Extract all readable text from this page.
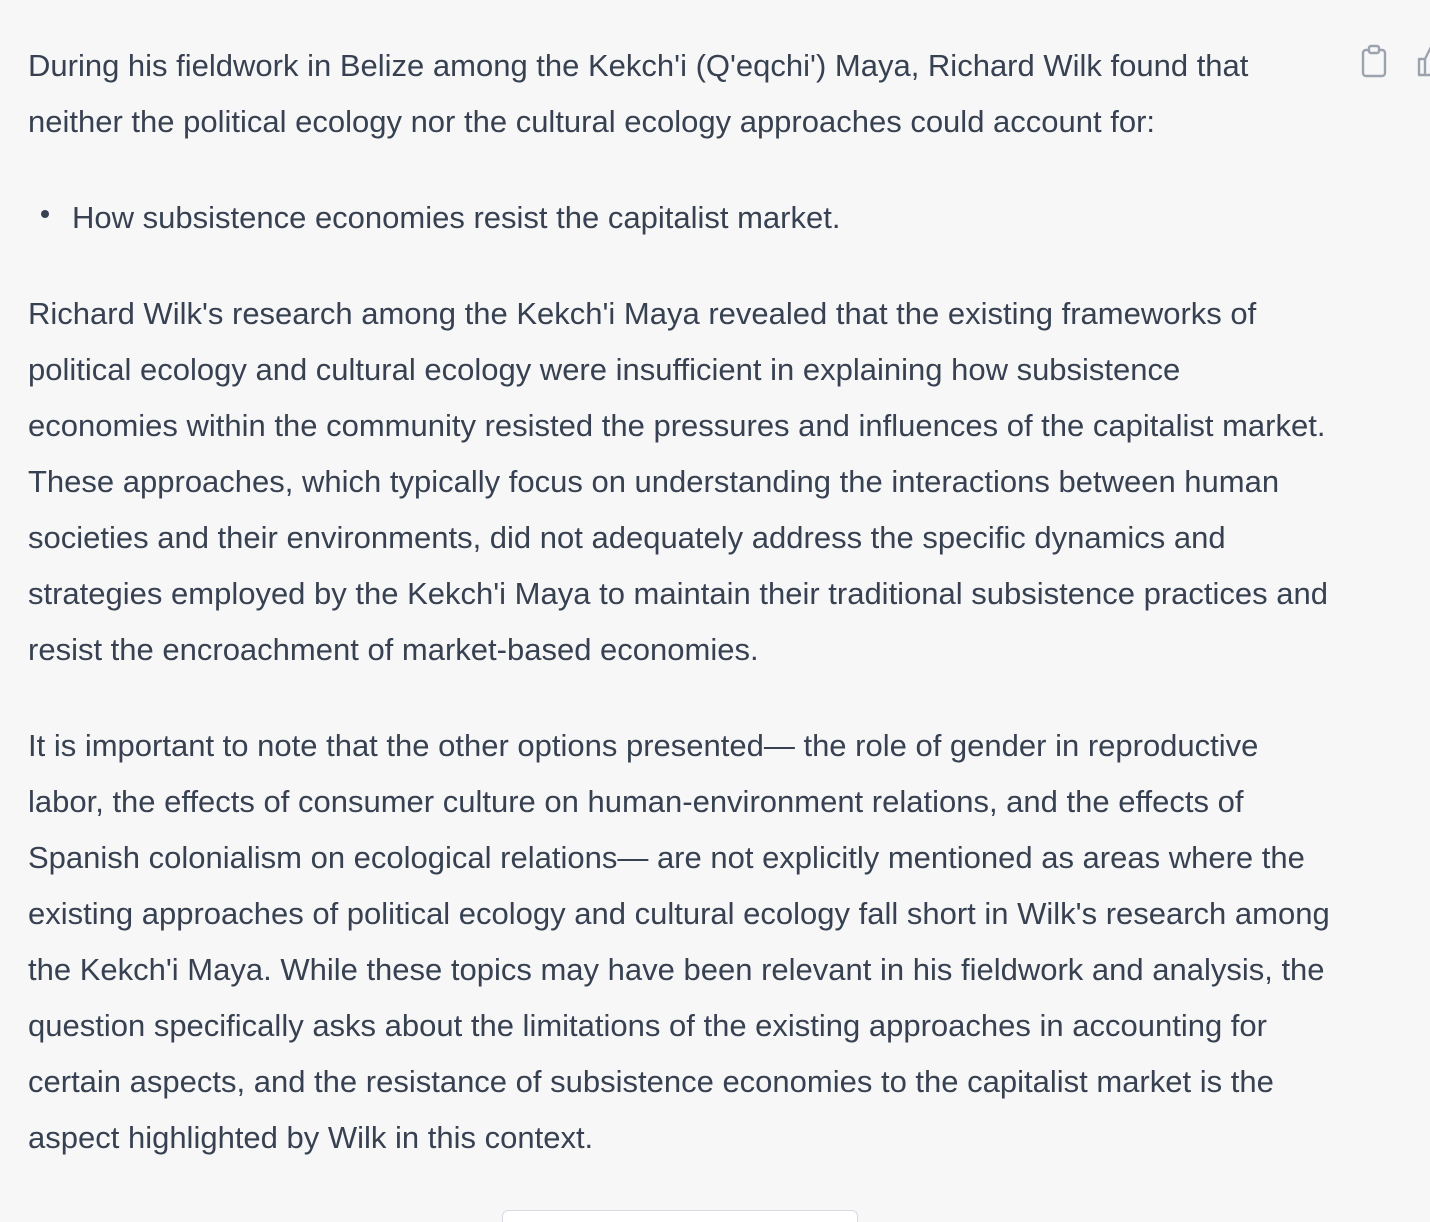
During his fieldwork in Belize among the Kekch'i (Q'eqchi') Maya, Richard Wilk found that neither the political ecology nor the cultural ecology approaches could account for:

How subsistence economies resist the capitalist market.

Richard Wilk's research among the Kekch'i Maya revealed that the existing frameworks of political ecology and cultural ecology were insufficient in explaining how subsistence economies within the community resisted the pressures and influences of the capitalist market. These approaches, which typically focus on understanding the interactions between human societies and their environments, did not adequately address the specific dynamics and strategies employed by the Kekch'i Maya to maintain their traditional subsistence practices and resist the encroachment of market-based economies.

It is important to note that the other options presented— the role of gender in reproductive labor, the effects of consumer culture on human-environment relations, and the effects of Spanish colonialism on ecological relations— are not explicitly mentioned as areas where the existing approaches of political ecology and cultural ecology fall short in Wilk's research among the Kekch'i Maya. While these topics may have been relevant in his fieldwork and analysis, the question specifically asks about the limitations of the existing approaches in accounting for certain aspects, and the resistance of subsistence economies to the capitalist market is the aspect highlighted by Wilk in this context.
